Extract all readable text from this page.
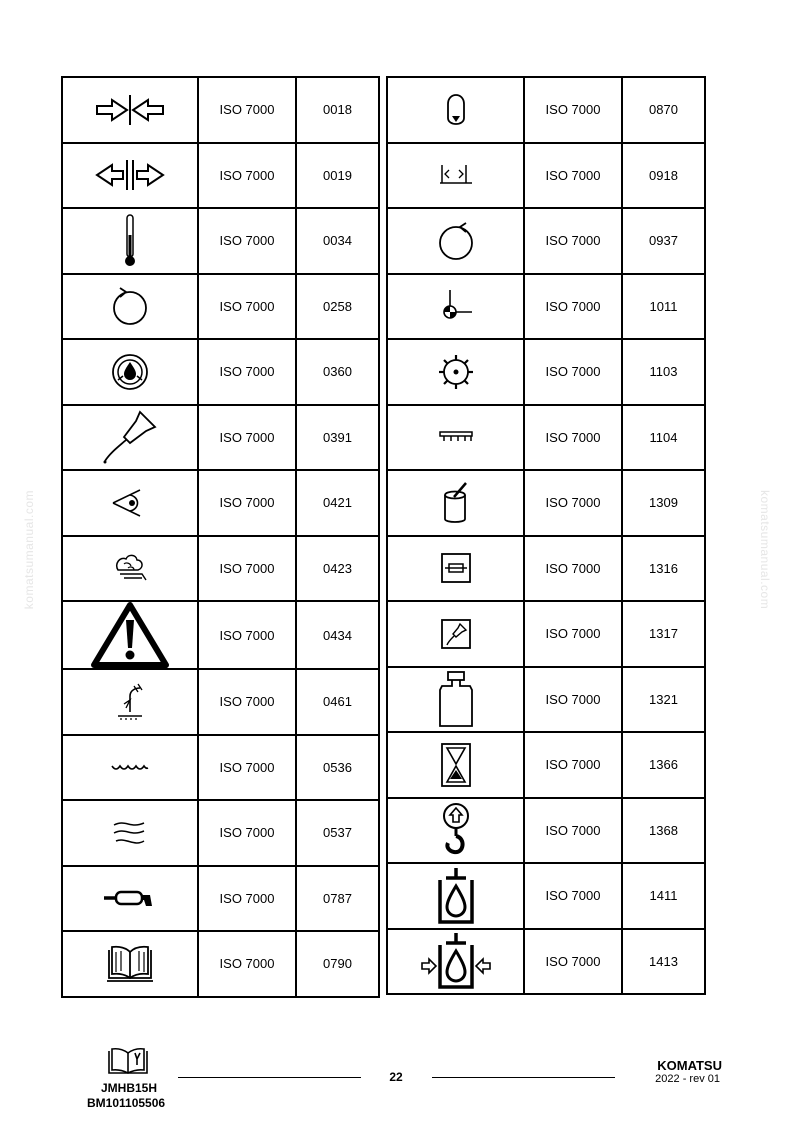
komatsumanual.com	komatsumanual.com
	ISO 7000	0018

	ISO 7000	0019

	ISO 7000	0034

	ISO 7000	0258

	ISO 7000	0360

	ISO 7000	0391

	ISO 7000	0421

	ISO 7000	0423

	ISO 7000	0434

	ISO 7000	0461

	ISO 7000	0536

	ISO 7000	0537

	ISO 7000	0787

	ISO 7000	0790
	ISO 7000	0870

	ISO 7000	0918

	ISO 7000	0937

	ISO 7000	1011

	ISO 7000	1103

	ISO 7000	1104

	ISO 7000	1309

	ISO 7000	1316

	ISO 7000	1317

	ISO 7000	1321

	ISO 7000	1366

	ISO 7000	1368

	ISO 7000	1411

	ISO 7000	1413
JMHB15H
BM101105506
22
KOMATSU
2022 - rev 01
